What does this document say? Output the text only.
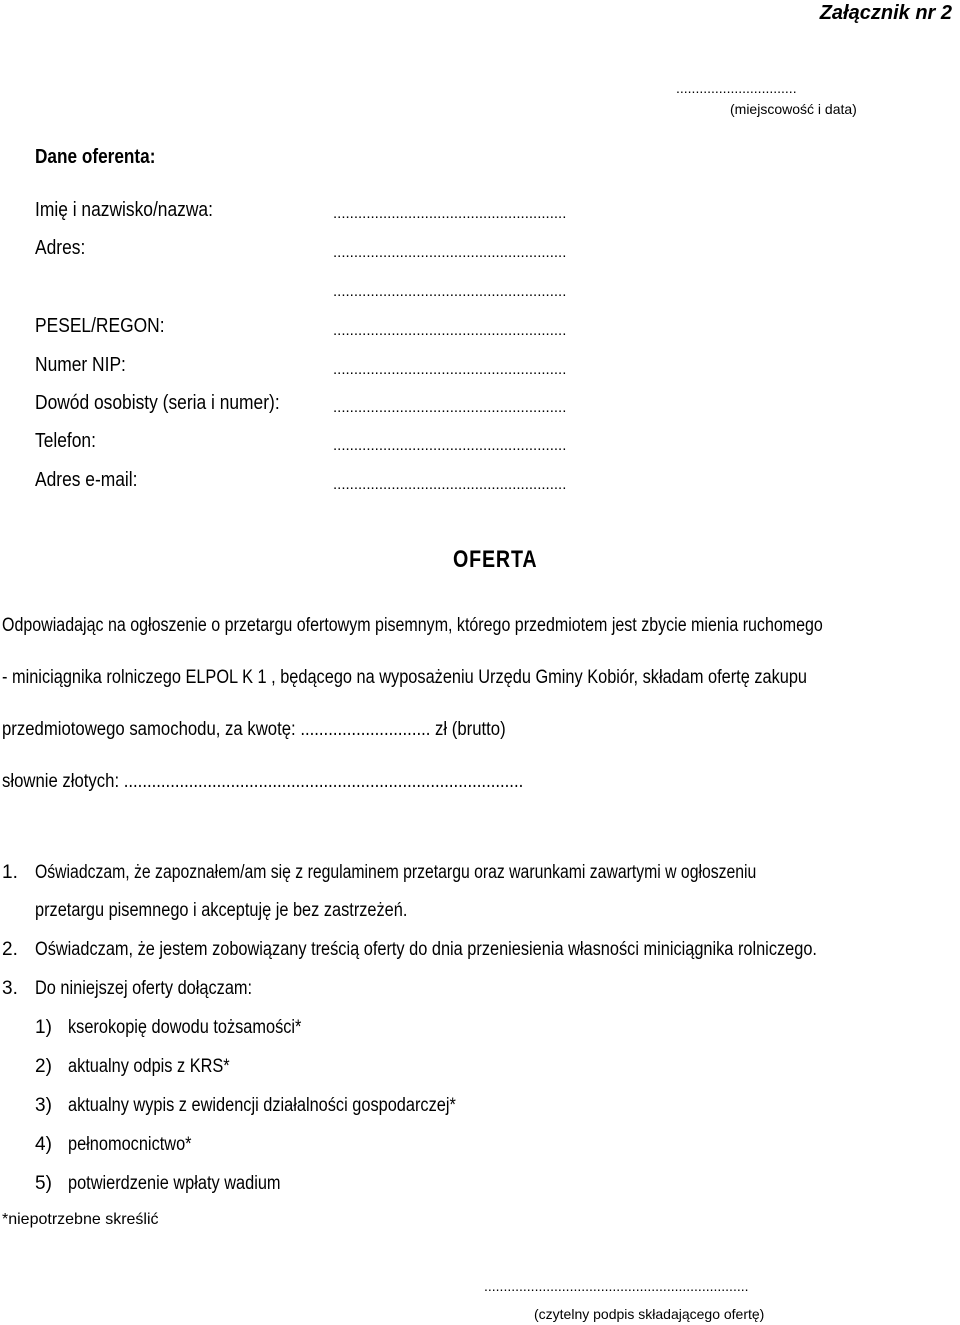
Załącznik nr 2
...............................
(miejscowość i data)
Dane oferenta:
Imię i nazwisko/nazwa:	........................................................
Adres:	........................................................
........................................................
PESEL/REGON:	........................................................
Numer NIP:	........................................................
Dowód osobisty (seria i numer):	........................................................
Telefon:	........................................................
Adres e-mail:	........................................................
OFERTA
Odpowiadając na ogłoszenie o przetargu ofertowym pisemnym, którego przedmiotem jest zbycie mienia ruchomego
- miniciągnika rolniczego ELPOL K 1 , będącego na wyposażeniu Urzędu Gminy Kobiór, składam ofertę zakupu
przedmiotowego samochodu, za kwotę: ............................ zł (brutto)
słownie złotych: ......................................................................................
1. Oświadczam, że zapoznałem/am się z regulaminem przetargu oraz warunkami zawartymi w ogłoszeniu
przetargu pisemnego i akceptuję je bez zastrzeżeń.
2. Oświadczam, że jestem zobowiązany treścią oferty do dnia przeniesienia własności miniciągnika rolniczego.
3. Do niniejszej oferty dołączam:
1) kserokopię dowodu tożsamości*
2) aktualny odpis z KRS*
3) aktualny wypis z ewidencji działalności gospodarczej*
4) pełnomocnictwo*
5) potwierdzenie wpłaty wadium
*niepotrzebne skreślić
....................................................................
(czytelny podpis składającego ofertę)
